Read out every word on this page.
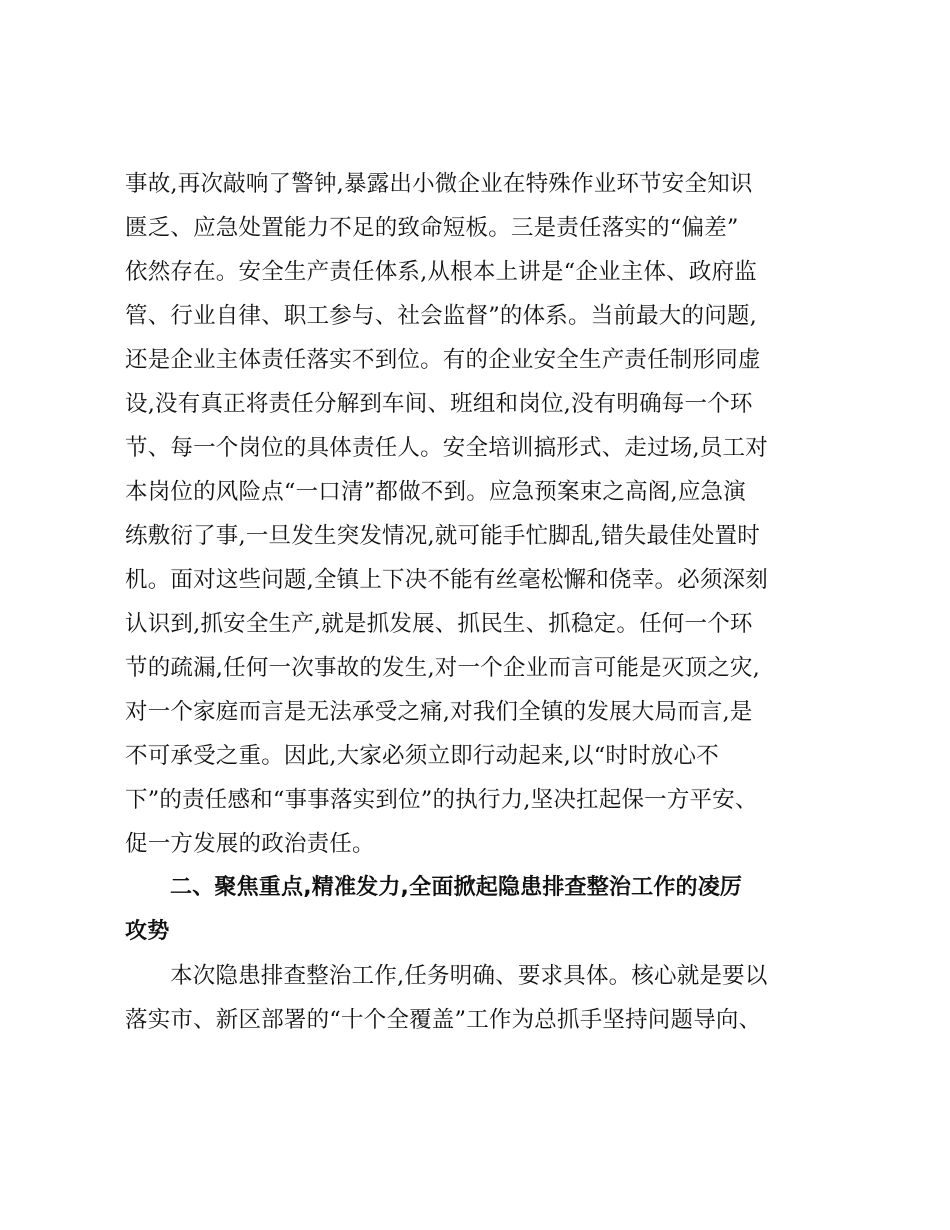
事故,再次敲响了警钟,暴露出小微企业在特殊作业环节安全知识
匮乏、应急处置能力不足的致命短板。三是责任落实的“偏差”
依然存在。安全生产责任体系,从根本上讲是“企业主体、政府监
管、行业自律、职工参与、社会监督”的体系。当前最大的问题,
还是企业主体责任落实不到位。有的企业安全生产责任制形同虚
设,没有真正将责任分解到车间、班组和岗位,没有明确每一个环
节、每一个岗位的具体责任人。安全培训搞形式、走过场,员工对
本岗位的风险点“一口清”都做不到。应急预案束之高阁,应急演
练敷衍了事,一旦发生突发情况,就可能手忙脚乱,错失最佳处置时
机。面对这些问题,全镇上下决不能有丝毫松懈和侥幸。必须深刻
认识到,抓安全生产,就是抓发展、抓民生、抓稳定。任何一个环
节的疏漏,任何一次事故的发生,对一个企业而言可能是灭顶之灾,
对一个家庭而言是无法承受之痛,对我们全镇的发展大局而言,是
不可承受之重。因此,大家必须立即行动起来,以“时时放心不
下”的责任感和“事事落实到位”的执行力,坚决扛起保一方平安、
促一方发展的政治责任。
二、聚焦重点,精准发力,全面掀起隐患排查整治工作的凌厉
攻势
本次隐患排查整治工作,任务明确、要求具体。核心就是要以
落实市、新区部署的“十个全覆盖”工作为总抓手坚持问题导向、
